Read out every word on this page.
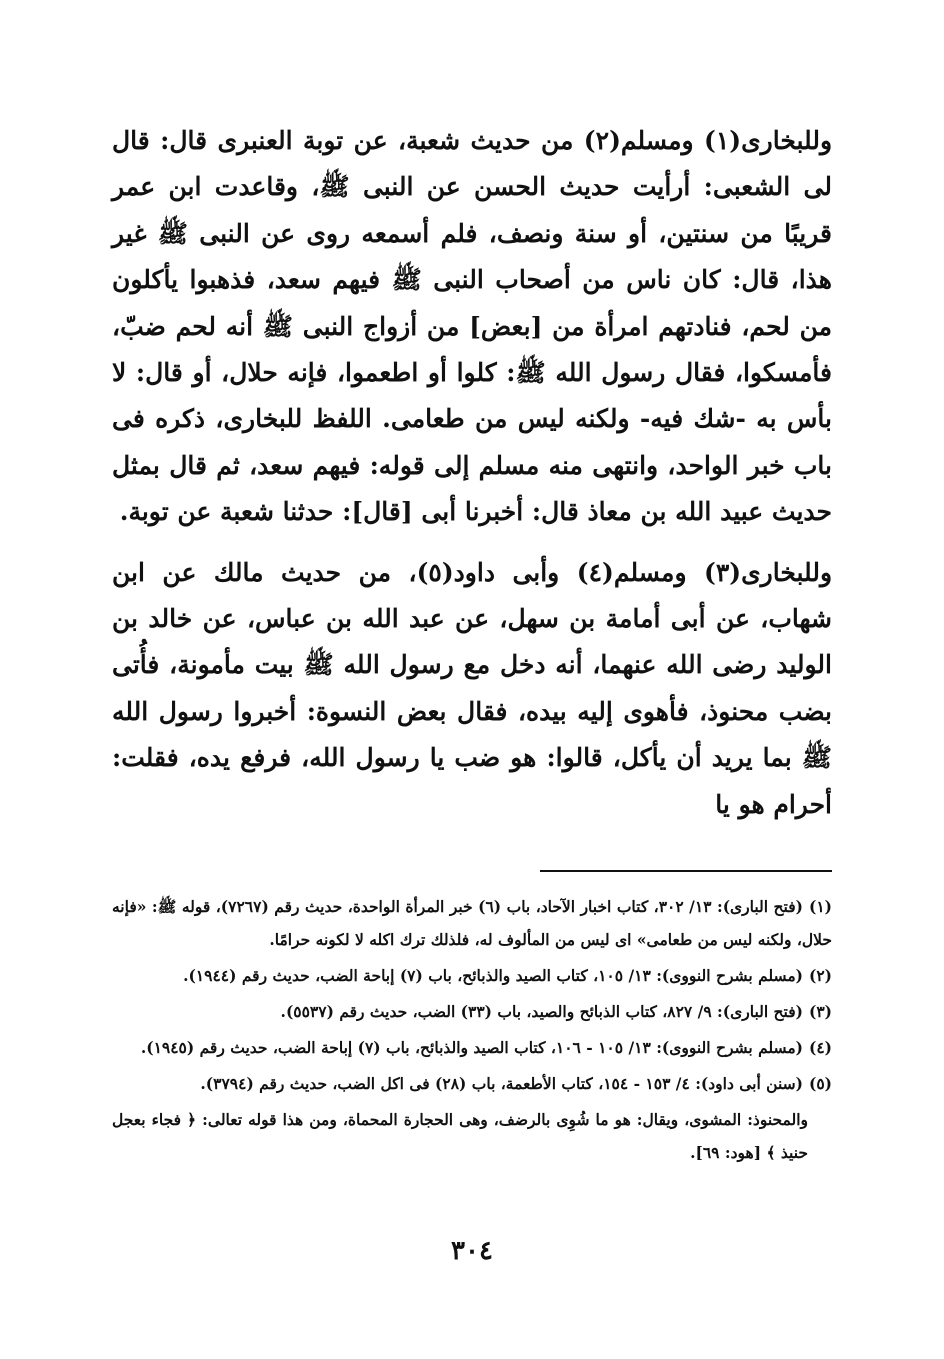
وللبخارى(١) ومسلم(٢) من حديث شعبة، عن توبة العنبرى قال: قال لى الشعبى: أرأيت حديث الحسن عن النبى ﷺ، وقاعدت ابن عمر قريبًا من سنتين، أو سنة ونصف، فلم أسمعه روى عن النبى ﷺ غير هذا، قال: كان ناس من أصحاب النبى ﷺ فيهم سعد، فذهبوا يأكلون من لحم، فنادتهم امرأة من [بعض] من أزواج النبى ﷺ أنه لحم ضبّ، فأمسكوا، فقال رسول الله ﷺ: كلوا أو اطعموا، فإنه حلال، أو قال: لا بأس به -شك فيه- ولكنه ليس من طعامى. اللفظ للبخارى، ذكره فى باب خبر الواحد، وانتهى منه مسلم إلى قوله: فيهم سعد، ثم قال بمثل حديث عبيد الله بن معاذ قال: أخبرنا أبى [قال]: حدثنا شعبة عن توبة.

وللبخارى(٣) ومسلم(٤) وأبى داود(٥)، من حديث مالك عن ابن شهاب، عن أبى أمامة بن سهل، عن عبد الله بن عباس، عن خالد بن الوليد رضى الله عنهما، أنه دخل مع رسول الله ﷺ بيت مأمونة، فأُتى بضب محنوذ، فأهوى إليه بيده، فقال بعض النسوة: أخبروا رسول الله ﷺ بما يريد أن يأكل، قالوا: هو ضب يا رسول الله، فرفع يده، فقلت: أحرام هو يا

(١)(فتح البارى): ١٣/ ٣٠٢، كتاب اخبار الآحاد، باب (٦) خبر المرأة الواحدة، حديث رقم (٧٢٦٧)، قوله ﷺ: «فإنه حلال، ولكنه ليس من طعامى» اى ليس من المألوف له، فلذلك ترك اكله لا لكونه حرامًا.
(٢)(مسلم بشرح النووى): ١٣/ ١٠٥، كتاب الصيد والذبائح، باب (٧) إباحة الضب، حديث رقم (١٩٤٤).
(٣)(فتح البارى): ٩/ ٨٢٧، كتاب الذبائح والصيد، باب (٣٣) الضب، حديث رقم (٥٥٣٧).
(٤)(مسلم بشرح النووى): ١٣/ ١٠٥ - ١٠٦، كتاب الصيد والذبائح، باب (٧) إباحة الضب، حديث رقم (١٩٤٥).
(٥)(سنن أبى داود): ٤/ ١٥٣ - ١٥٤، كتاب الأطعمة، باب (٢٨) فى اكل الضب، حديث رقم (٣٧٩٤).
والمحنوذ: المشوى، ويقال: هو ما شُوِى بالرضف، وهى الحجارة المحماة، ومن هذا قوله تعالى: ﴿ فجاء بعجل حنيذ ﴾ [هود: ٦٩].
٣٠٤
